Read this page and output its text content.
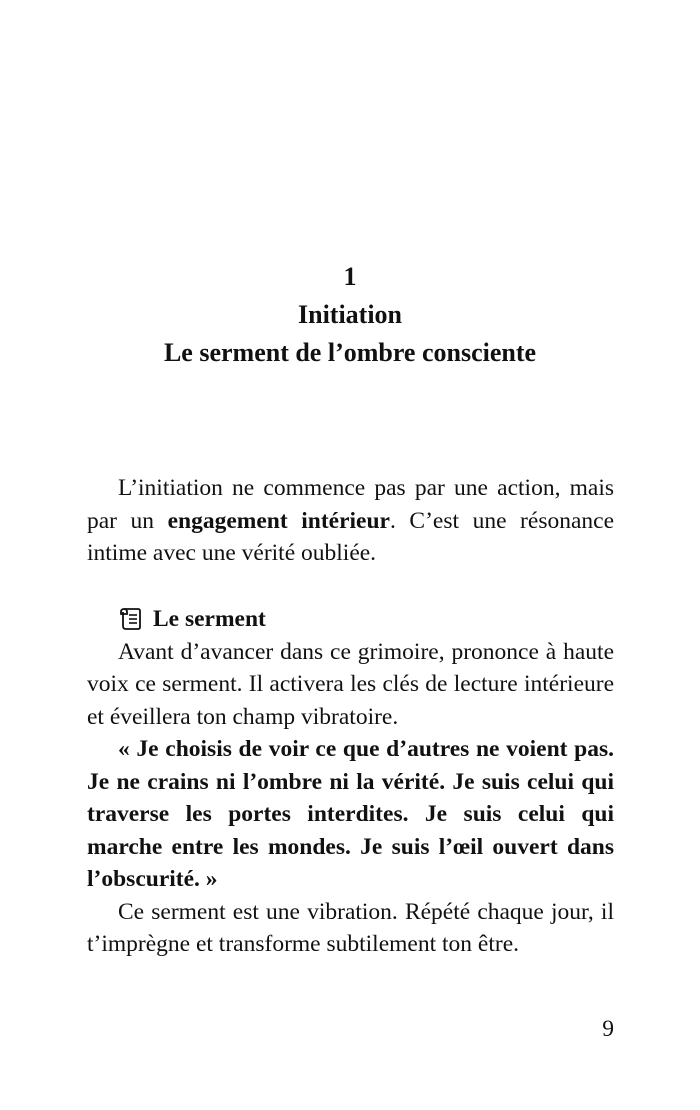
1
Initiation
Le serment de l’ombre consciente

L’initiation ne commence pas par une action, mais par un engagement intérieur. C’est une résonance intime avec une vérité oubliée.

Le serment

Avant d’avancer dans ce grimoire, prononce à haute voix ce serment. Il activera les clés de lecture intérieure et éveillera ton champ vibratoire.

« Je choisis de voir ce que d’autres ne voient pas. Je ne crains ni l’ombre ni la vérité. Je suis celui qui traverse les portes interdites. Je suis celui qui marche entre les mondes. Je suis l’œil ouvert dans l’obscurité. »

Ce serment est une vibration. Répété chaque jour, il t’imprègne et transforme subtilement ton être.

9
